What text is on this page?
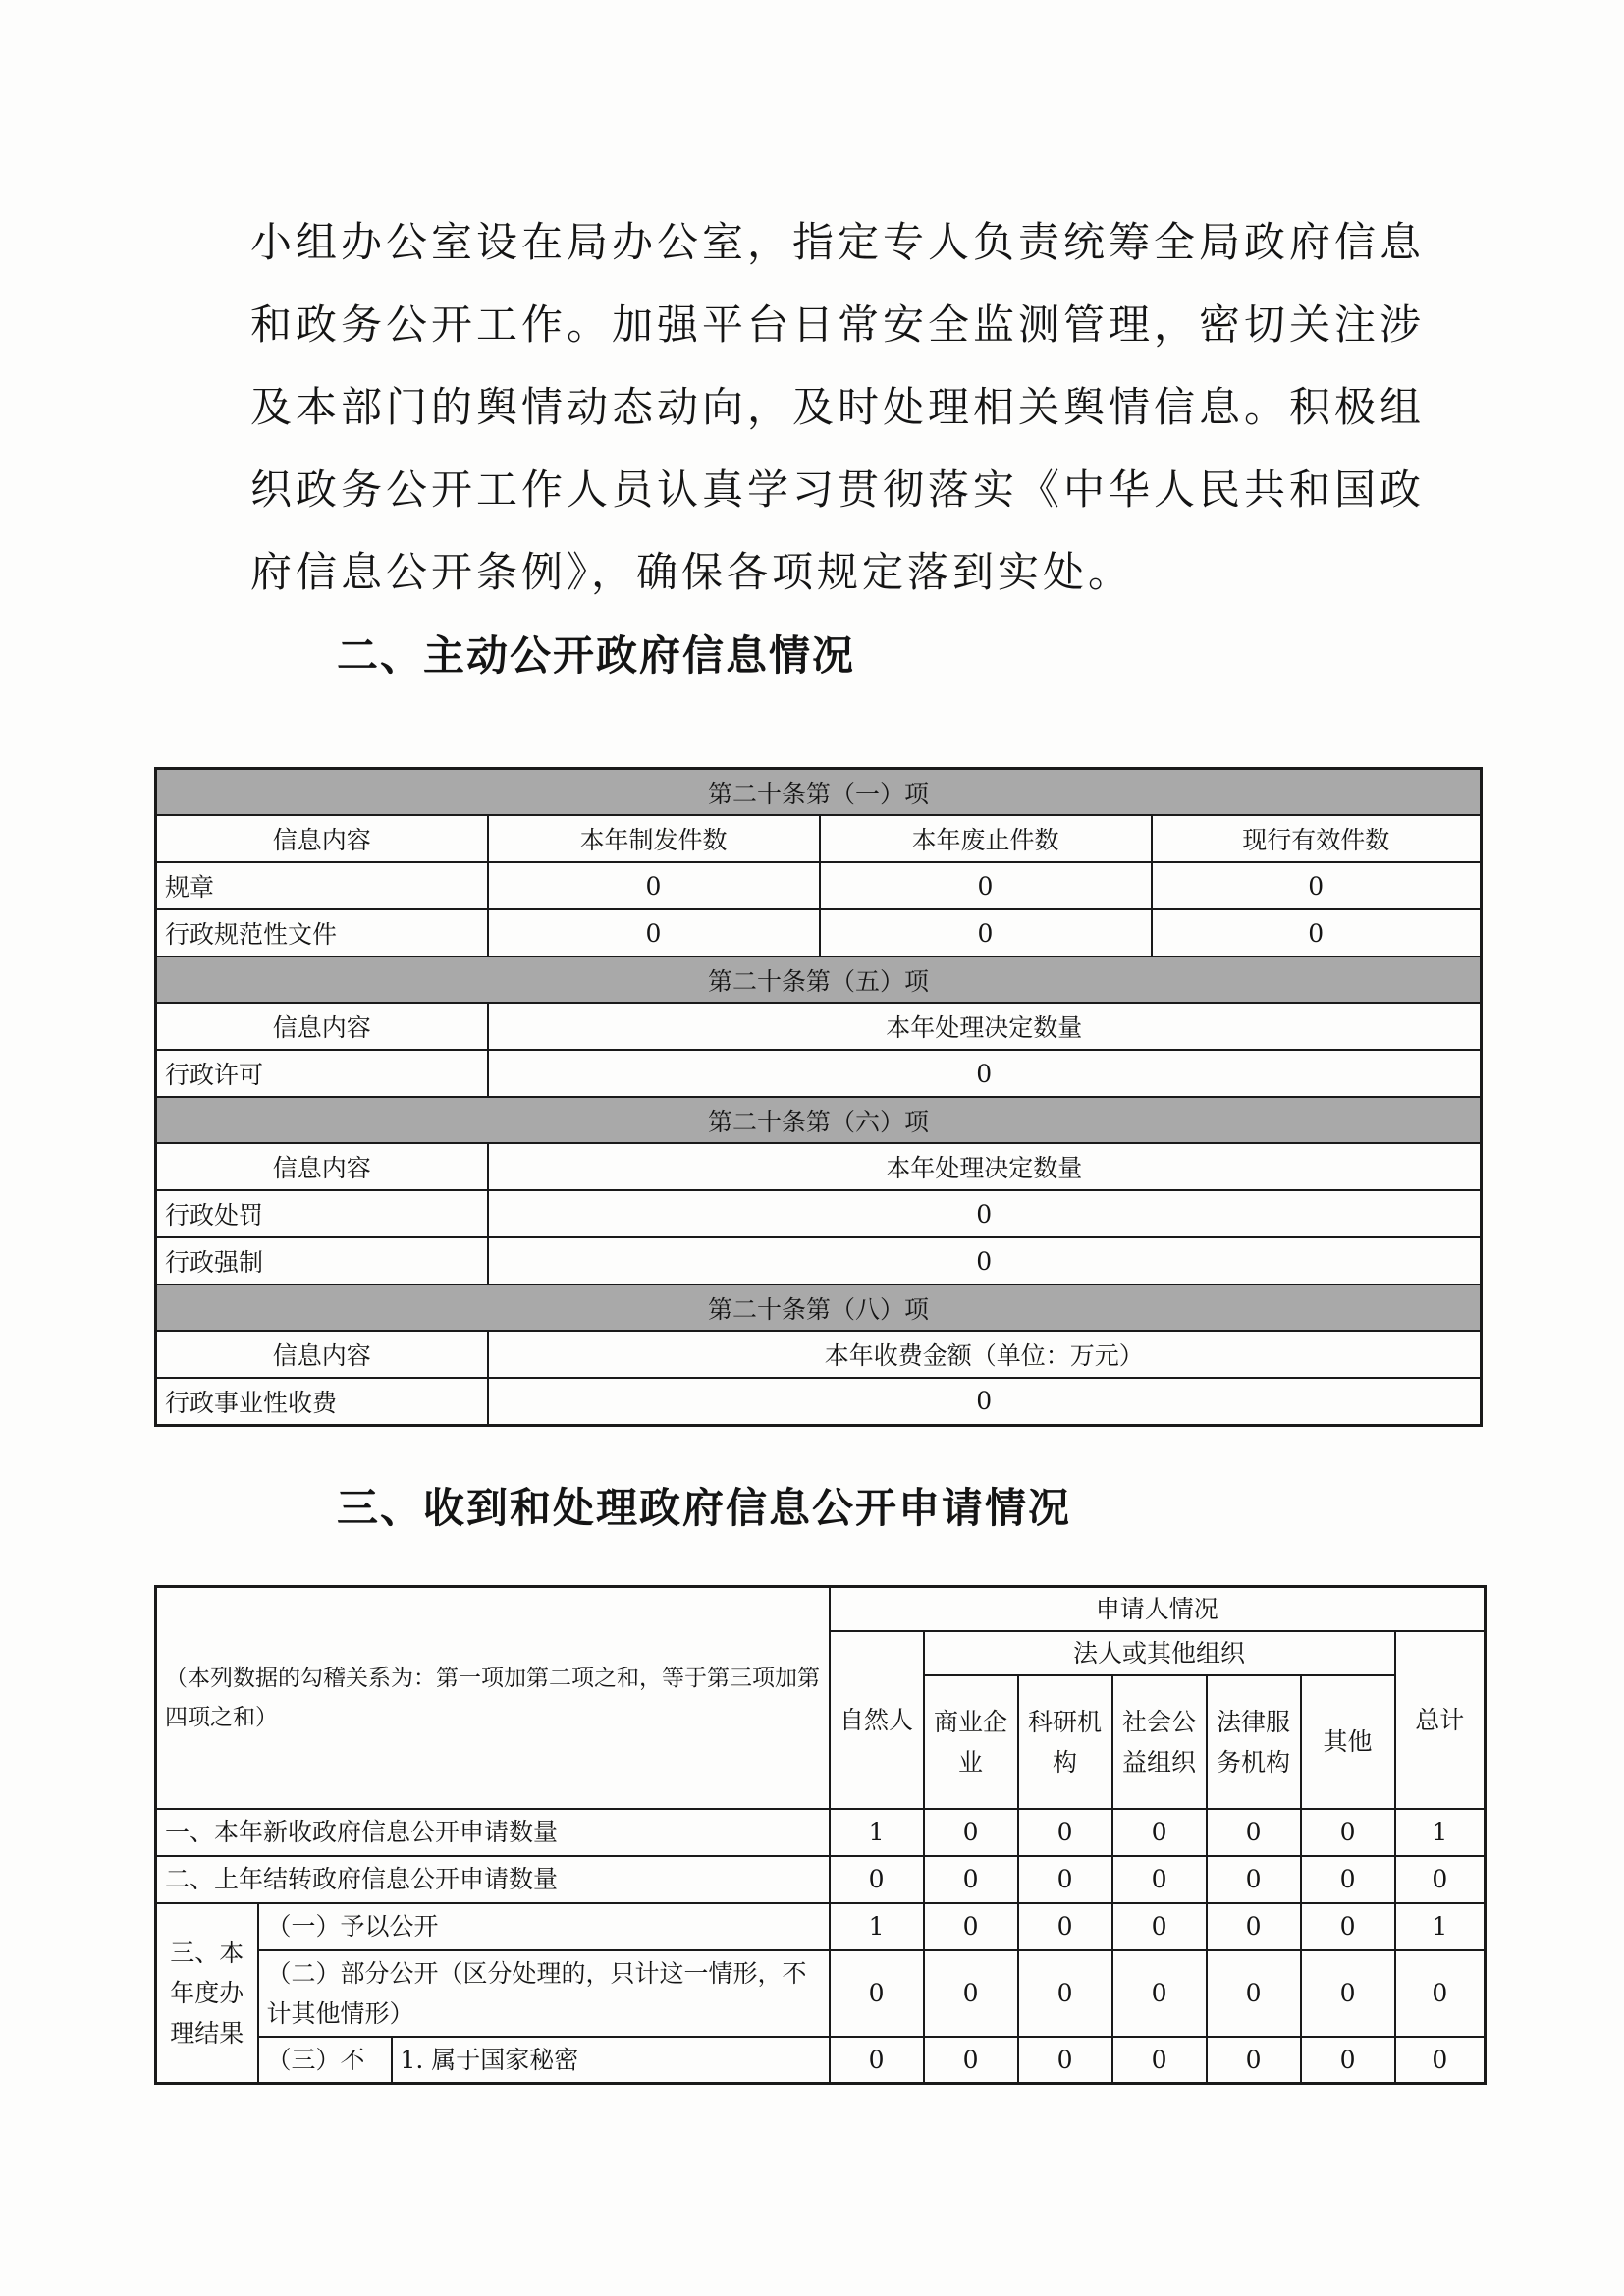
小组办公室设在局办公室，指定专人负责统筹全局政府信息
和政务公开工作。加强平台日常安全监测管理，密切关注涉
及本部门的舆情动态动向，及时处理相关舆情信息。积极组
织政务公开工作人员认真学习贯彻落实《中华人民共和国政
府信息公开条例》，确保各项规定落到实处。
二、主动公开政府信息情况
第二十条第（一）项			
信息内容	本年制发件数	本年废止件数	现行有效件数
规章	0	0	0
行政规范性文件	0	0	0
第二十条第（五）项			
信息内容	本年处理决定数量		
行政许可	0		
第二十条第（六）项			
信息内容	本年处理决定数量		
行政处罚	0		
行政强制	0		
第二十条第（八）项			
信息内容	本年收费金额（单位：万元）		
行政事业性收费	0		
三、收到和处理政府信息公开申请情况
（本列数据的勾稽关系为：第一项加第二项之和，等于第三项加第四项之和）			申请人情况						
			自然人	法人或其他组织					总计
				商业企业	科研机构	社会公益组织	法律服务机构	其他	
一、本年新收政府信息公开申请数量			1	0	0	0	0	0	1
二、上年结转政府信息公开申请数量			0	0	0	0	0	0	0
三、本年度办理结果	（一）予以公开		1	0	0	0	0	0	1
	（二）部分公开（区分处理的，只计这一情形，不计其他情形）		0	0	0	0	0	0	0
	（三）不	1. 属于国家秘密	0	0	0	0	0	0	0
